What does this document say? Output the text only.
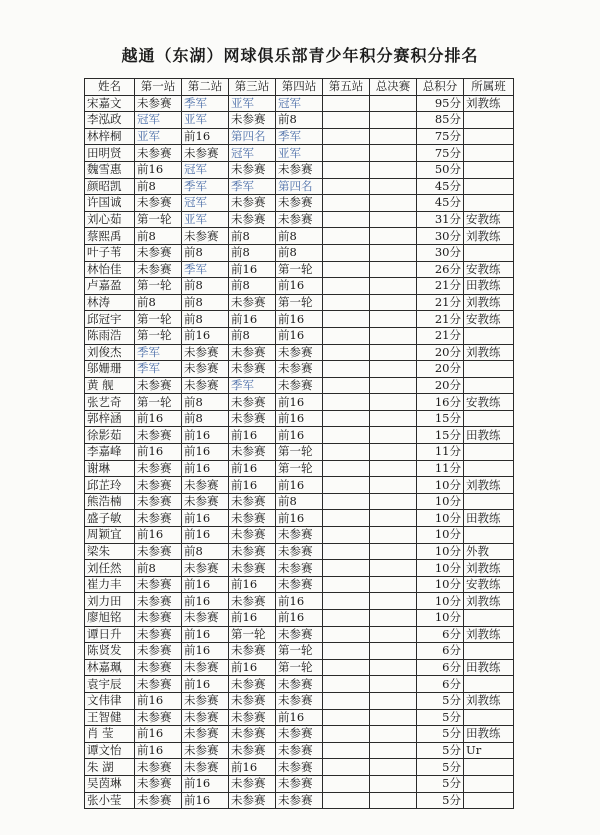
越通（东湖）网球俱乐部青少年积分赛积分排名
姓名	第一站	第二站	第三站	第四站	第五站	总决赛	总积分	所属班
宋嘉文	未参赛	季军	亚军	冠军			95分	刘教练
李泓政	冠军	亚军	未参赛	前8			85分	
林梓桐	亚军	前16	第四名	季军			75分	
田明贤	未参赛	未参赛	冠军	亚军			75分	
魏雪惠	前16	冠军	未参赛	未参赛			50分	
颜昭凯	前8	季军	季军	第四名			45分	
许国诚	未参赛	冠军	未参赛	未参赛			45分	
刘心茹	第一轮	亚军	未参赛	未参赛			31分	安教练
蔡熙禹	前8	未参赛	前8	前8			30分	刘教练
叶子苇	未参赛	前8	前8	前8			30分	
林怡佳	未参赛	季军	前16	第一轮			26分	安教练
卢嘉盈	第一轮	前8	前8	前16			21分	田教练
林涛	前8	前8	未参赛	第一轮			21分	刘教练
邱冠宇	第一轮	前8	前16	前16			21分	安教练
陈雨浩	第一轮	前16	前8	前16			21分	
刘俊杰	季军	未参赛	未参赛	未参赛			20分	刘教练
邬姗珊	季军	未参赛	未参赛	未参赛			20分	
黄 舰	未参赛	未参赛	季军	未参赛			20分	
张艺奇	第一轮	前8	未参赛	前16			16分	安教练
郭梓涵	前16	前8	未参赛	前16			15分	
徐影茹	未参赛	前16	前16	前16			15分	田教练
李嘉峰	前16	前16	未参赛	第一轮			11分	
谢琳	未参赛	前16	前16	第一轮			11分	
邱芷玲	未参赛	未参赛	前16	前16			10分	刘教练
熊浩楠	未参赛	未参赛	未参赛	前8			10分	
盛子敏	未参赛	前16	未参赛	前16			10分	田教练
周颖宜	前16	前16	未参赛	未参赛			10分	
梁朱	未参赛	前8	未参赛	未参赛			10分	外教
刘任然	前8	未参赛	未参赛	未参赛			10分	刘教练
崔力丰	未参赛	前16	前16	未参赛			10分	安教练
刘力田	未参赛	前16	未参赛	前16			10分	刘教练
廖旭铭	未参赛	未参赛	前16	前16			10分	
谭日升	未参赛	前16	第一轮	未参赛			6分	刘教练
陈贤发	未参赛	前16	未参赛	第一轮			6分	
林嘉珮	未参赛	未参赛	前16	第一轮			6分	田教练
袁宇辰	未参赛	前16	未参赛	未参赛			6分	
文伟律	前16	未参赛	未参赛	未参赛			5分	刘教练
王智健	未参赛	未参赛	未参赛	前16			5分	
肖 莹	前16	未参赛	未参赛	未参赛			5分	田教练
谭文怡	前16	未参赛	未参赛	未参赛			5分	Ur
朱 湖	未参赛	未参赛	前16	未参赛			5分	
吴茵琳	未参赛	前16	未参赛	未参赛			5分	
张小莹	未参赛	前16	未参赛	未参赛			5分	
